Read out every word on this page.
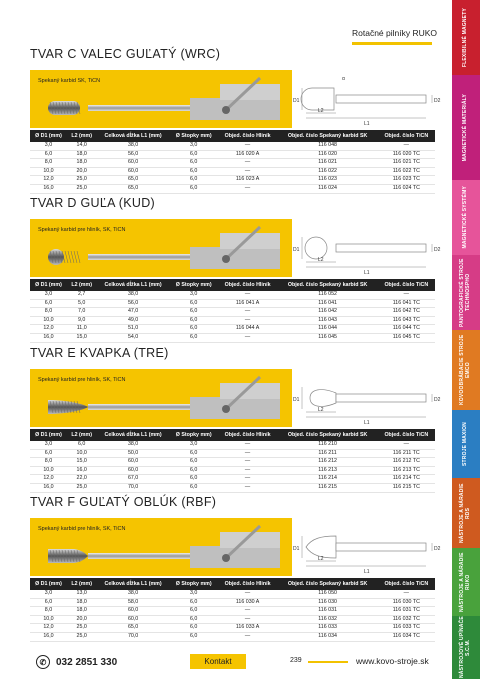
Rotačné pilníky RUKO	FLEXIBILNÉ MAGNETY
MAGNETICKÉ MATERIÁLY
MAGNETICKÉ SYSTÉMY
PANTOGRAFICKÉ STROJE TECHNOSPHO
KOVOOBRÁBACIE STROJE EMCO
STROJE MAXION
NÁSTROJE A NÁRADIE RDS
NÁSTROJE A NÁRADIE RUKO
NÁSTROJOVÉ UPÍNAČE S.C.M.
TVAR C VALEC GUĽATÝ (WRC)
Spekaný karbid SK, TiCN
D1	D2
L2
L1
α
Ø D1 (mm)	L2 (mm)	Celková dĺžka L1 (mm)	Ø Stopky mm)	Objed. číslo Hliník	Objed. číslo Spekaný karbid SK	Objed. číslo TiCN
3,0	14,0	38,0	3,0	—	116 048	—
6,0	18,0	56,0	6,0	116 020 A	116 020	116 020 TC
8,0	18,0	60,0	6,0	—	116 021	116 021 TC
10,0	20,0	60,0	6,0	—	116 022	116 022 TC
12,0	25,0	65,0	6,0	116 023 A	116 023	116 023 TC
16,0	25,0	65,0	6,0	—	116 024	116 024 TC
TVAR D GUĽA (KUD)
Spekaný karbid pre hliník, SK, TiCN
D1	D2
L2
L1
Ø D1 (mm)	L2 (mm)	Celková dĺžka L1 (mm)	Ø Stopky mm)	Objed. číslo Hliník	Objed. číslo Spekaný karbid SK	Objed. číslo TiCN
3,0	2,7	38,0	3,0	—	116 052	—
6,0	5,0	56,0	6,0	116 041 A	116 041	116 041 TC
8,0	7,0	47,0	6,0	—	116 042	116 042 TC
10,0	9,0	49,0	6,0	—	116 043	116 043 TC
12,0	11,0	51,0	6,0	116 044 A	116 044	116 044 TC
16,0	15,0	54,0	6,0	—	116 045	116 045 TC
TVAR E KVAPKA (TRE)
Spekaný karbid pre hliník, SK, TiCN
D1	D2
L2
L1
Ø D1 (mm)	L2 (mm)	Celková dĺžka L1 (mm)	Ø Stopky mm)	Objed. číslo Hliník	Objed. číslo Spekaný karbid SK	Objed. číslo TiCN
3,0	6,0	38,0	3,0	—	116 210	—
6,0	10,0	50,0	6,0	—	116 211	116 211 TC
8,0	15,0	60,0	6,0	—	116 212	116 212 TC
10,0	16,0	60,0	6,0	—	116 213	116 213 TC
12,0	22,0	67,0	6,0	—	116 214	116 214 TC
16,0	25,0	70,0	6,0	—	116 215	116 215 TC
TVAR F GUĽATÝ OBLÚK (RBF)
Spekaný karbid pre hliník, SK, TiCN
D1	D2
L2
L1
Ø D1 (mm)	L2 (mm)	Celková dĺžka L1 (mm)	Ø Stopky mm)	Objed. číslo Hliník	Objed. číslo Spekaný karbid SK	Objed. číslo TiCN
3,0	13,0	38,0	3,0	—	116 050	—
6,0	18,0	58,0	6,0	116 030 A	116 030	116 030 TC
8,0	18,0	60,0	6,0	—	116 031	116 031 TC
10,0	20,0	60,0	6,0	—	116 032	116 032 TC
12,0	25,0	65,0	6,0	116 033 A	116 033	116 033 TC
16,0	25,0	70,0	6,0	—	116 034	116 034 TC
✆ 032 2851 330	Kontakt	239	www.kovo-stroje.sk
